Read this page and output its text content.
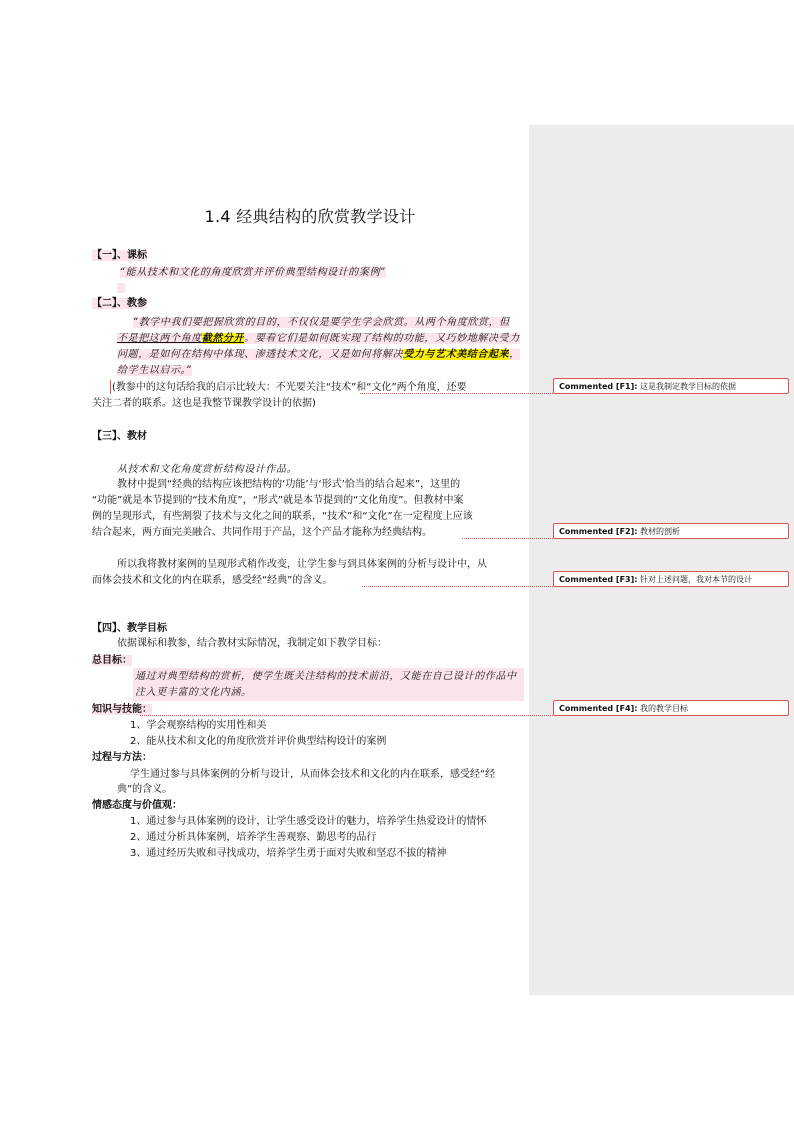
1.4 经典结构的欣赏教学设计
【一】、课标
“能从技术和文化的角度欣赏并评价典型结构设计的案例”
【二】、教参
“教学中我们要把握欣赏的目的，不仅仅是要学生学会欣赏。从两个角度欣赏，但
不是把这两个角度截然分开。要看它们是如何既实现了结构的功能，又巧妙地解决受力
问题，是如何在结构中体现、渗透技术文化，又是如何将解决受力与艺术美结合起来，
给学生以启示。”
(教参中的这句话给我的启示比较大：不光要关注“技术”和“文化”两个角度，还要
关注二者的联系。这也是我整节课教学设计的依据)
【三】、教材
从技术和文化角度赏析结构设计作品。
教材中提到“经典的结构应该把结构的‘功能’与‘形式’恰当的结合起来”，这里的
“功能”就是本节提到的“技术角度”，“形式”就是本节提到的“文化角度”。但教材中案
例的呈现形式，有些割裂了技术与文化之间的联系，“技术”和“文化”在一定程度上应该
结合起来，两方面完美融合、共同作用于产品，这个产品才能称为经典结构。
所以我将教材案例的呈现形式稍作改变，让学生参与到具体案例的分析与设计中，从
而体会技术和文化的内在联系，感受经“经典”的含义。
【四】、教学目标
依据课标和教参，结合教材实际情况，我制定如下教学目标：
总目标：
通过对典型结构的赏析，使学生既关注结构的技术前沿，又能在自己设计的作品中
注入更丰富的文化内涵。
知识与技能：
1、学会观察结构的实用性和美
2、能从技术和文化的角度欣赏并评价典型结构设计的案例
过程与方法：
学生通过参与具体案例的分析与设计，从而体会技术和文化的内在联系，感受经“经
典”的含义。
情感态度与价值观：
1、通过参与具体案例的设计，让学生感受设计的魅力，培养学生热爱设计的情怀
2、通过分析具体案例，培养学生善观察、勤思考的品行
3、通过经历失败和寻找成功，培养学生勇于面对失败和坚忍不拔的精神
Commented [F1]: 这是我制定教学目标的依据
Commented [F2]: 教材的剖析
Commented [F3]: 针对上述问题，我对本节的设计
Commented [F4]: 我的教学目标
